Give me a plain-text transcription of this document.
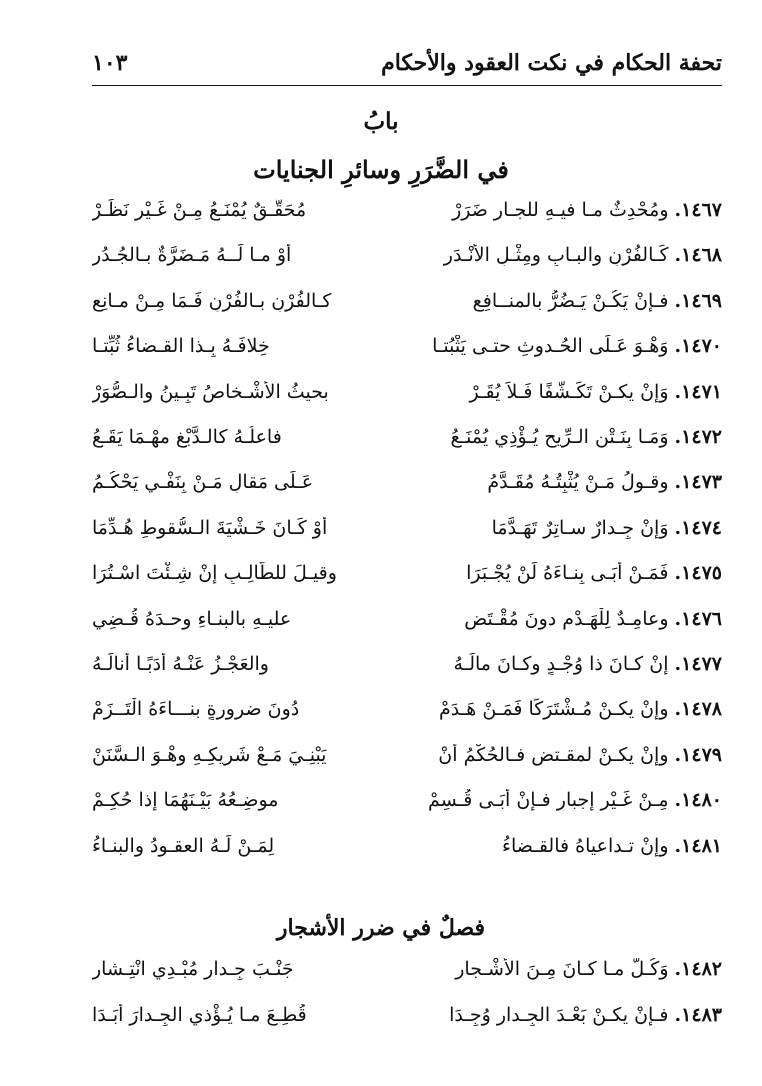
تحفة الحكام في نكت العقود والأحكام
١٠٣
بابُ
في الضَّرَرِ وسائرِ الجنايات
١٤٦٧. ومُحْدِثٌ مـا فيـهِ للجـارِ ضَرَرْ
مُحَقَّـقٌ يُمْنَـعُ مِـنْ غَـيْرِ نَظَـرْ
١٤٦٨. كَـالفُرْنِ والبـابِ ومِثْـلِ الأَنْـدَرِ
أوْ مـا لَــهُ مَـضَرَّةٌ بـالجُـدُرِ
١٤٦٩. فـإنْ يَكُـنْ يَـضُرُّ بالمنــافِعِ
كـالفُرْنِ بـالفُرْنِ فَـمَا مِـنْ مـانِعِ
١٤٧٠. وَهْـوَ عَـلَى الحُـدوثِ حتـى يَثْبُتـا
خِلافَـهُ بِـذا القـضاءُ ثُبِّتـا
١٤٧١. وَإِنْ يكـنْ تَكَـشُّفًا فَـلاَ يُقَـرْ
بحيثُ الأشْـخاصُ تَبِـينُ والـصُّوَرْ
١٤٧٢. وَمَـا بِنَـتْنِ الـرِّيحِ يُـؤْذِي يُمْنَـعُ
فاعلُـهُ كالـدَّبْغِ مهْـمَا يَقَـعُ
١٤٧٣. وقـولُ مَـنْ يُثْبِتُـهُ مُقَـدَّمُ
عَـلَى مَقالِ مَـنْ بِنَفْـيٍ يَحْكُـمُ
١٤٧٤. وَإِنْ جِـدارٌ سـاتِرٌ تَهَـدَّمَا
أوْ كَـانَ خَـشْيَةَ الـسُّقوطِ هُـدِّمَا
١٤٧٥. فَمَـنْ أَبَـى بِنـاءَهُ لَنْ يُجْـبَرَا
وقيـلَ للطَّالِـبِ إِنْ شِـئْتَ اسْـتُرَا
١٤٧٦. وعامِـدٌ لِلْهَـدْمِ دونَ مُقْـتَضٍ
عليـهِ بالبنـاءِ وحـدَهُ قُـضِي
١٤٧٧. إنْ كـانَ ذا وُجْـدٍ وكـانَ مالَـهُ
والعَجْـزُ عَنْـهُ أَدَبًـا أَنالَـهُ
١٤٧٨. وإنْ يكـنْ مُـشْتَرَكًا فَمَـنْ هَـدَمْ
دُونَ ضرورةٍ بنـــاءَهُ الْتَــزَمْ
١٤٧٩. وإنْ يكـنْ لمقـتضٍ فـالحُكْمُ أَنْ
يَبْنِـيَ مَـعْ شَريكِـهِ وهْـوَ الـسَّنَنْ
١٤٨٠. مِـنْ غَـيْرِ إجبارٍ فـإنْ أَبَـى قُـسِمْ
موضِـعُهُ بَيْـنَهُمَا إذا حُكِـمْ
١٤٨١. وإنْ تـداعياهُ فالقـضاءُ
لِمَـنْ لَـهُ العقـودُ والبنـاءُ
فصلٌ في ضرر الأشجار
١٤٨٢. وَكُـلُّ مـا كـانَ مِـنَ الأَشْـجارِ
جَنْـبَ جِـدارٍ مُبْـدِي انْتِـشارِ
١٤٨٣. فـإنْ يكـنْ بَعْـدَ الجِـدارِ وُجِـدَا
قُطِـعَ مـا يُـؤْذي الجِـدارَ أَبَـدَا
